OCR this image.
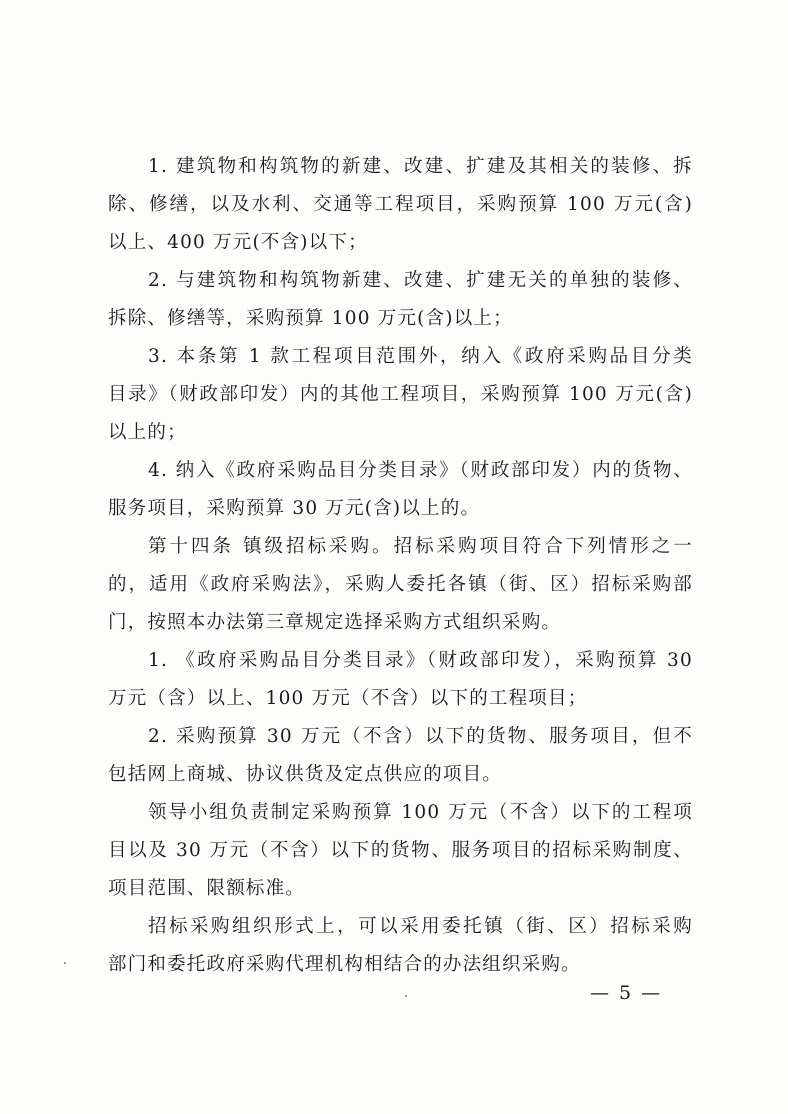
1. 建筑物和构筑物的新建、改建、扩建及其相关的装修、拆
除、修缮，以及水利、交通等工程项目，采购预算 100 万元(含)
以上、400 万元(不含)以下；
2. 与建筑物和构筑物新建、改建、扩建无关的单独的装修、
拆除、修缮等，采购预算 100 万元(含)以上；
3. 本条第 1 款工程项目范围外，纳入《政府采购品目分类
目录》（财政部印发）内的其他工程项目，采购预算 100 万元(含)
以上的；
4. 纳入《政府采购品目分类目录》（财政部印发）内的货物、
服务项目，采购预算 30 万元(含)以上的。
第十四条 镇级招标采购。招标采购项目符合下列情形之一
的，适用《政府采购法》，采购人委托各镇（街、区）招标采购部
门，按照本办法第三章规定选择采购方式组织采购。
1. 《政府采购品目分类目录》（财政部印发），采购预算 30
万元（含）以上、100 万元（不含）以下的工程项目；
2. 采购预算 30 万元（不含）以下的货物、服务项目，但不
包括网上商城、协议供货及定点供应的项目。
领导小组负责制定采购预算 100 万元（不含）以下的工程项
目以及 30 万元（不含）以下的货物、服务项目的招标采购制度、
项目范围、限额标准。
招标采购组织形式上，可以采用委托镇（街、区）招标采购
部门和委托政府采购代理机构相结合的办法组织采购。
— 5 —
